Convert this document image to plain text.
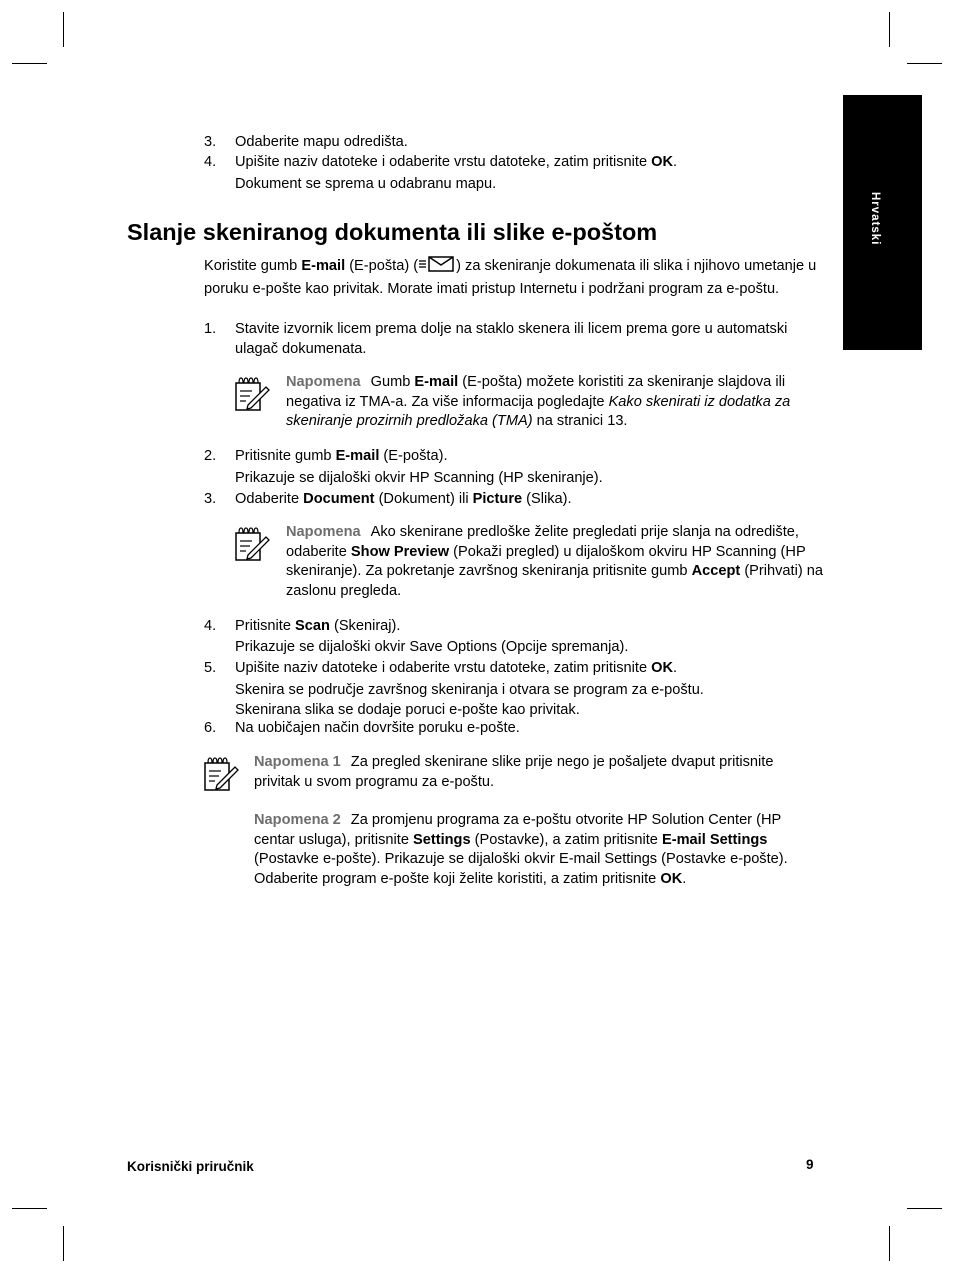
Hrvatski
3.	Odaberite mapu odredišta.
4.	Upišite naziv datoteke i odaberite vrstu datoteke, zatim pritisnite OK.
Dokument se sprema u odabranu mapu.
Slanje skeniranog dokumenta ili slike e-poštom
Koristite gumb E-mail (E-pošta) (	) za skeniranje dokumenata ili slika i njihovo umetanje u poruku e-pošte kao privitak. Morate imati pristup Internetu i podržani program za e-poštu.
1.	Stavite izvornik licem prema dolje na staklo skenera ili licem prema gore u automatski ulagač dokumenata.
Napomena Gumb E-mail (E-pošta) možete koristiti za skeniranje slajdova ili negativa iz TMA-a. Za više informacija pogledajte Kako skenirati iz dodatka za skeniranje prozirnih predložaka (TMA) na stranici 13.
2.	Pritisnite gumb E-mail (E-pošta).
Prikazuje se dijaloški okvir HP Scanning (HP skeniranje).
3.	Odaberite Document (Dokument) ili Picture (Slika).
Napomena Ako skenirane predloške želite pregledati prije slanja na odredište, odaberite Show Preview (Pokaži pregled) u dijaloškom okviru HP Scanning (HP skeniranje). Za pokretanje završnog skeniranja pritisnite gumb Accept (Prihvati) na zaslonu pregleda.
4.	Pritisnite Scan (Skeniraj).
Prikazuje se dijaloški okvir Save Options (Opcije spremanja).
5.	Upišite naziv datoteke i odaberite vrstu datoteke, zatim pritisnite OK.
Skenira se područje završnog skeniranja i otvara se program za e-poštu. Skenirana slika se dodaje poruci e-pošte kao privitak.
6.	Na uobičajen način dovršite poruku e-pošte.
Napomena 1 Za pregled skenirane slike prije nego je pošaljete dvaput pritisnite privitak u svom programu za e-poštu.
Napomena 2 Za promjenu programa za e-poštu otvorite HP Solution Center (HP centar usluga), pritisnite Settings (Postavke), a zatim pritisnite E-mail Settings (Postavke e-pošte). Prikazuje se dijaloški okvir E-mail Settings (Postavke e-pošte). Odaberite program e-pošte koji želite koristiti, a zatim pritisnite OK.
Korisnički priručnik	9
